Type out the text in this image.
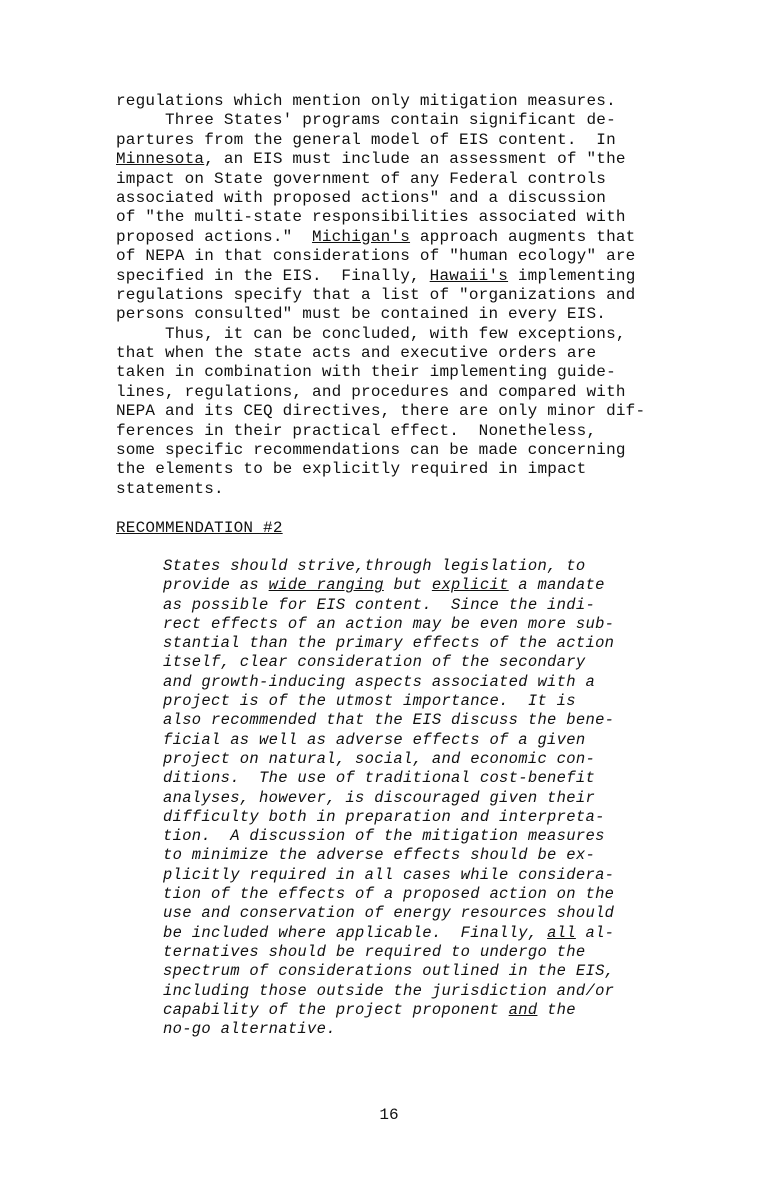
regulations which mention only mitigation measures.
Three States' programs contain significant de-
partures from the general model of EIS content.  In
Minnesota, an EIS must include an assessment of "the
impact on State government of any Federal controls
associated with proposed actions" and a discussion
of "the multi-state responsibilities associated with
proposed actions."  Michigan's approach augments that
of NEPA in that considerations of "human ecology" are
specified in the EIS.  Finally, Hawaii's implementing
regulations specify that a list of "organizations and
persons consulted" must be contained in every EIS.
Thus, it can be concluded, with few exceptions,
that when the state acts and executive orders are
taken in combination with their implementing guide-
lines, regulations, and procedures and compared with
NEPA and its CEQ directives, there are only minor dif-
ferences in their practical effect.  Nonetheless,
some specific recommendations can be made concerning
the elements to be explicitly required in impact
statements.
RECOMMENDATION #2
States should strive,through legislation, to
provide as wide ranging but explicit a mandate
as possible for EIS content.  Since the indi-
rect effects of an action may be even more sub-
stantial than the primary effects of the action
itself, clear consideration of the secondary
and growth-inducing aspects associated with a
project is of the utmost importance.  It is
also recommended that the EIS discuss the bene-
ficial as well as adverse effects of a given
project on natural, social, and economic con-
ditions.  The use of traditional cost-benefit
analyses, however, is discouraged given their
difficulty both in preparation and interpreta-
tion.  A discussion of the mitigation measures
to minimize the adverse effects should be ex-
plicitly required in all cases while considera-
tion of the effects of a proposed action on the
use and conservation of energy resources should
be included where applicable.  Finally, all al-
ternatives should be required to undergo the
spectrum of considerations outlined in the EIS,
including those outside the jurisdiction and/or
capability of the project proponent and the
no-go alternative.
16
